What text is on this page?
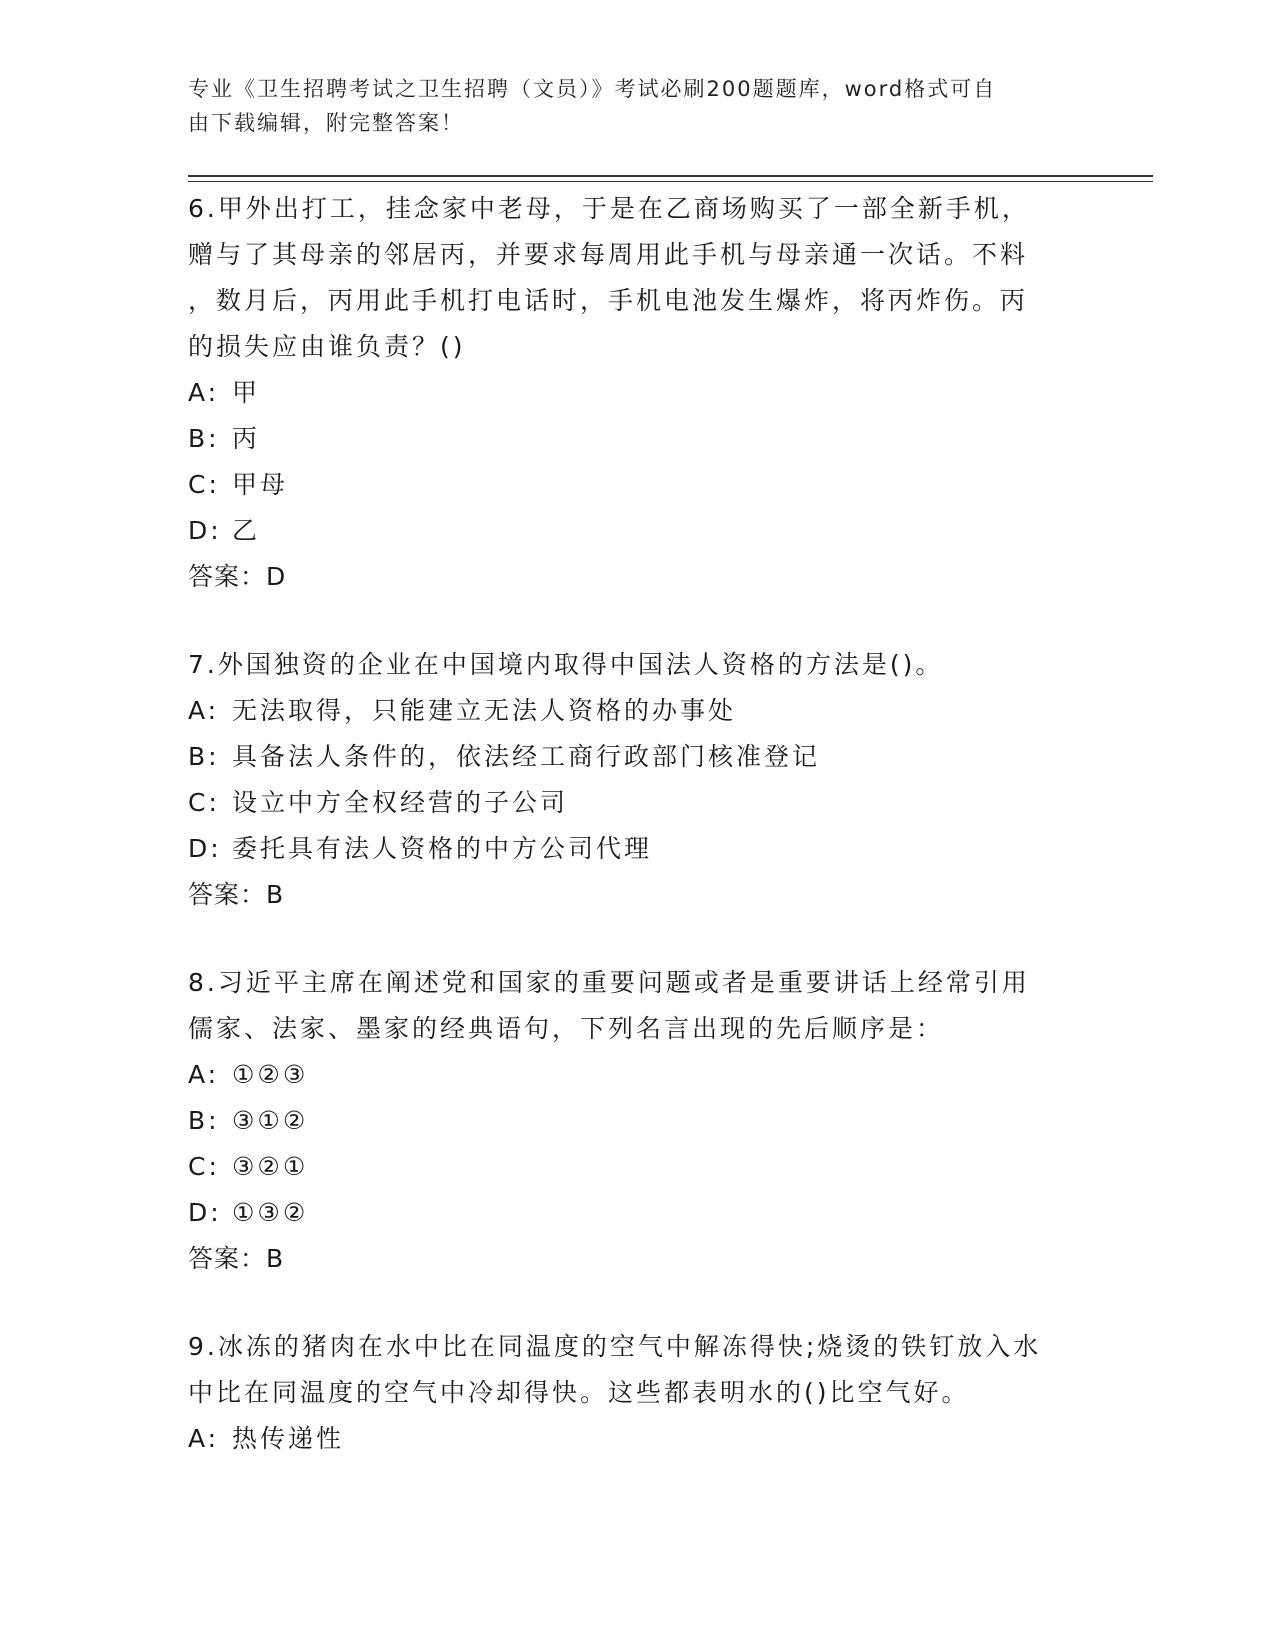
专业《卫生招聘考试之卫生招聘（文员）》考试必刷200题题库，word格式可自
由下载编辑，附完整答案！

6.甲外出打工，挂念家中老母，于是在乙商场购买了一部全新手机，

赠与了其母亲的邻居丙，并要求每周用此手机与母亲通一次话。不料

，数月后，丙用此手机打电话时，手机电池发生爆炸，将丙炸伤。丙

的损失应由谁负责？()

A: 甲

B: 丙

C: 甲母

D: 乙

答案：D

7.外国独资的企业在中国境内取得中国法人资格的方法是()。

A: 无法取得，只能建立无法人资格的办事处

B: 具备法人条件的，依法经工商行政部门核准登记

C: 设立中方全权经营的子公司

D: 委托具有法人资格的中方公司代理

答案：B

8.习近平主席在阐述党和国家的重要问题或者是重要讲话上经常引用

儒家、法家、墨家的经典语句，下列名言出现的先后顺序是：

A: ①②③

B: ③①②

C: ③②①

D: ①③②

答案：B

9.冰冻的猪肉在水中比在同温度的空气中解冻得快;烧烫的铁钉放入水

中比在同温度的空气中冷却得快。这些都表明水的()比空气好。

A: 热传递性
